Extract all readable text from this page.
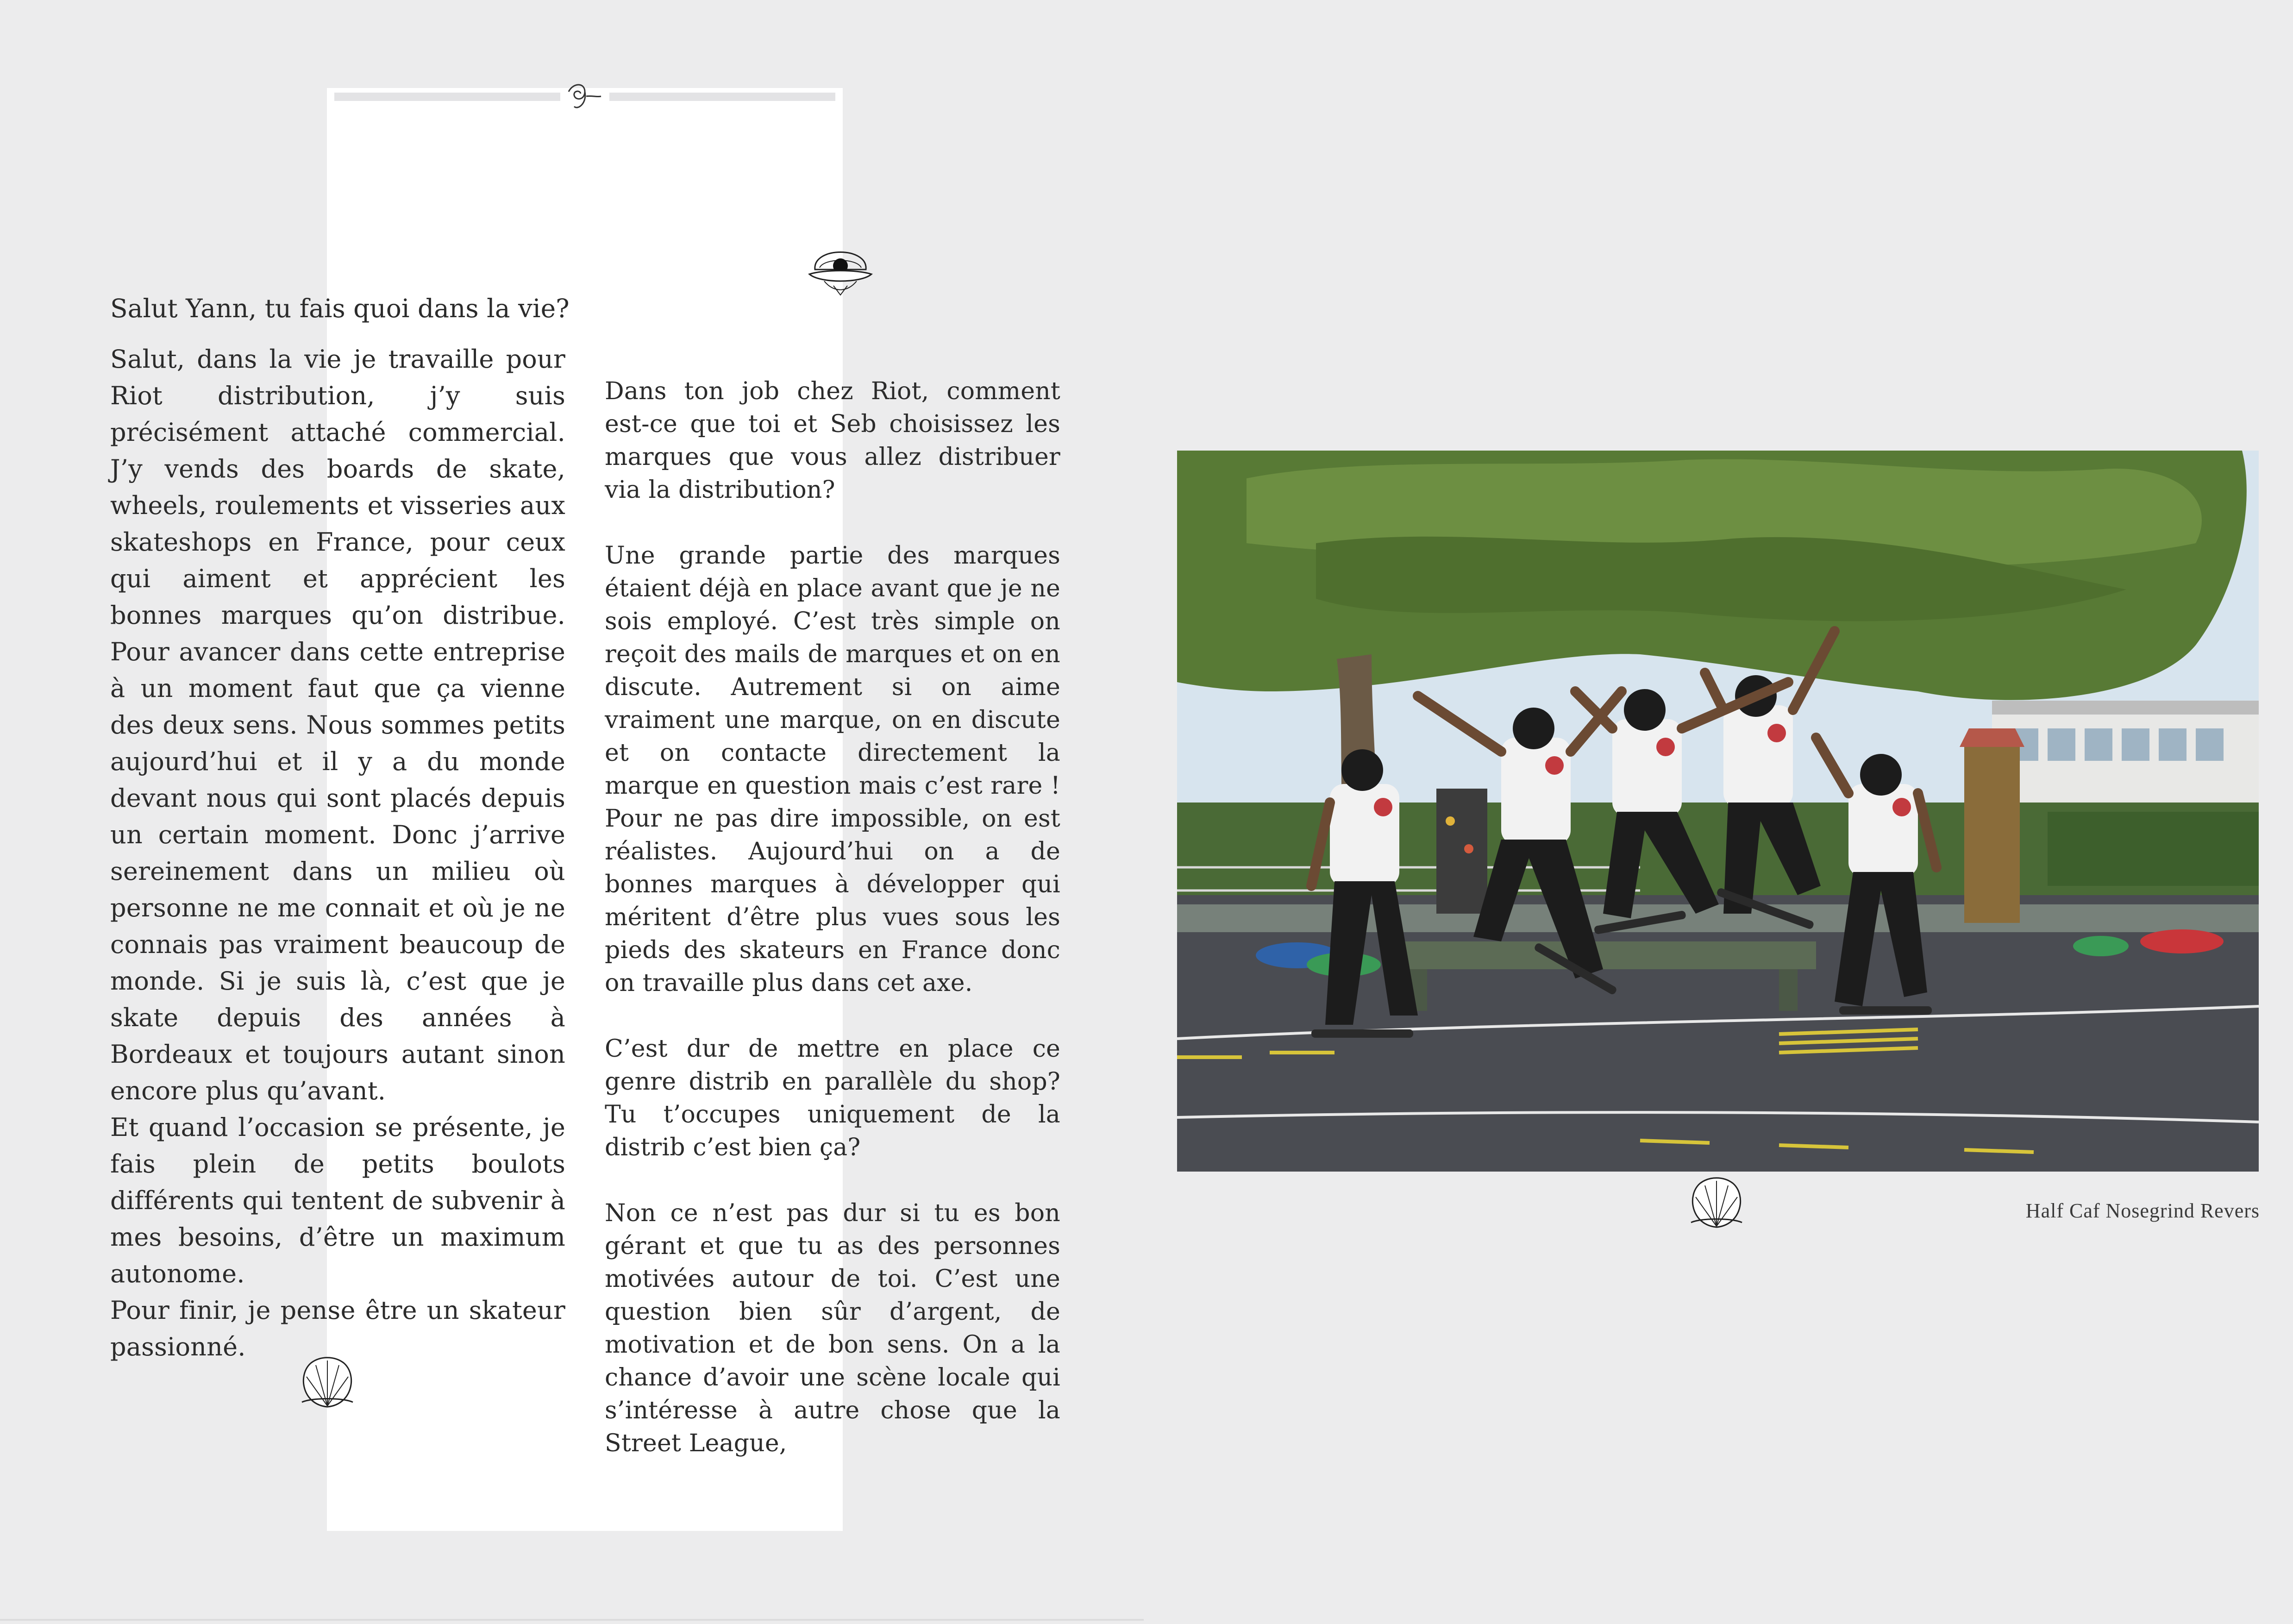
Salut Yann, tu fais quoi dans la vie?

Salut, dans la vie je travaille pour Riot distribution, j’y suis précisément attaché commercial. J’y vends des boards de skate, wheels, roulements et visseries aux skateshops en France, pour ceux qui aiment et apprécient les bonnes marques qu’on distribue. Pour avancer dans cette entreprise à un moment faut que ça vienne des deux sens. Nous sommes petits aujourd’hui et il y a du monde devant nous qui sont placés depuis un certain moment. Donc j’arrive sereinement dans un milieu où personne ne me connait et où je ne connais pas vraiment beaucoup de monde. Si je suis là, c’est que je skate depuis des années à Bordeaux et toujours autant sinon encore plus qu’avant.

Et quand l’occasion se présente, je fais plein de petits boulots différents qui tentent de subvenir à mes besoins, d’être un maximum autonome.

Pour finir, je pense être un skateur passionné.

Dans ton job chez Riot, comment est-ce que toi et Seb choisissez les marques que vous allez distribuer via la distribution?

Une grande partie des marques étaient déjà en place avant que je ne sois employé. C’est très simple on reçoit des mails de marques et on en discute. Autrement si on aime vraiment une marque, on en discute et on contacte directement la marque en question mais c’est rare ! Pour ne pas dire impossible, on est réalistes. Aujourd’hui on a de bonnes marques à développer qui méritent d’être plus vues sous les pieds des skateurs en France donc on travaille plus dans cet axe.

C’est dur de mettre en place ce genre distrib en parallèle du shop? Tu t’occupes uniquement de la distrib c’est bien ça?

Non ce n’est pas dur si tu es bon gérant et que tu as des personnes motivées autour de toi. C’est une question bien sûr d’argent, de motivation et de bon sens. On a la chance d’avoir une scène locale qui s’intéresse à autre chose que la Street League,

Half Caf Nosegrind Revers
